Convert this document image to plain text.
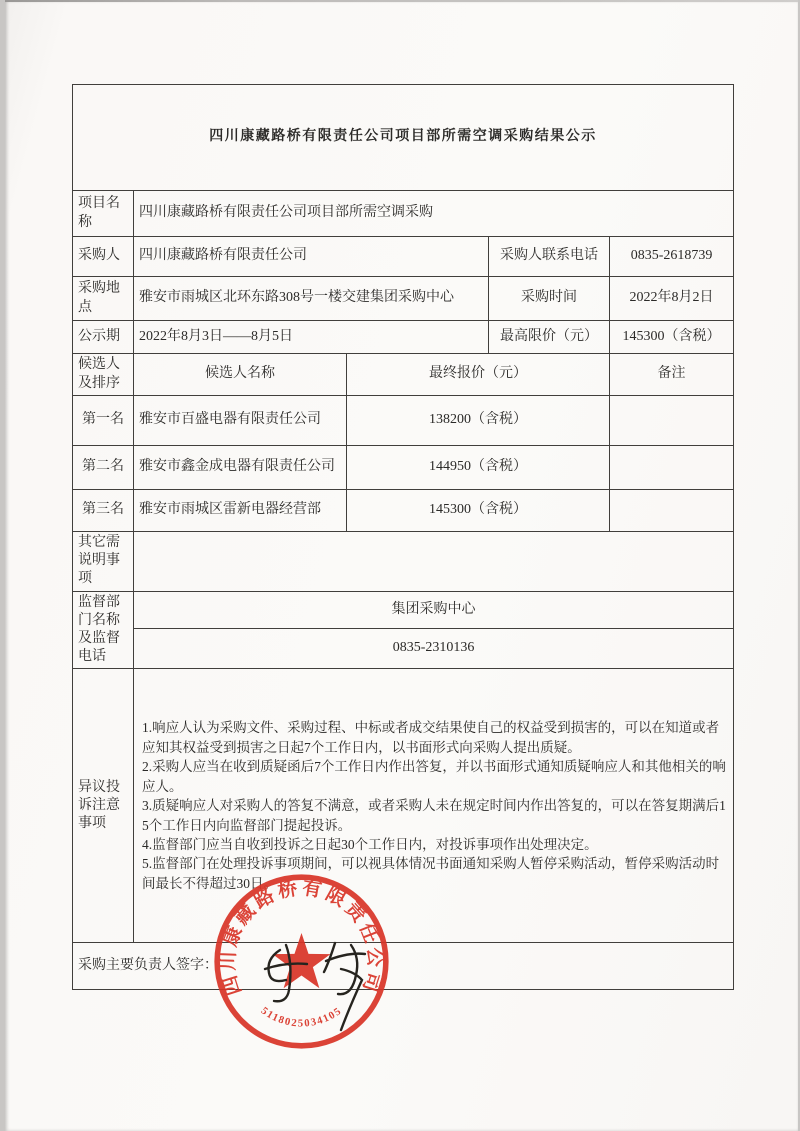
四川康藏路桥有限责任公司项目部所需空调采购结果公示				
项目名称	四川康藏路桥有限责任公司项目部所需空调采购			
采购人	四川康藏路桥有限责任公司		采购人联系电话	0835-2618739
采购地点	雅安市雨城区北环东路308号一楼交建集团采购中心		采购时间	2022年8月2日
公示期	2022年8月3日——8月5日		最高限价（元）	145300（含税）
候选人及排序	候选人名称	最终报价（元）		备注
第一名	雅安市百盛电器有限责任公司	138200（含税）		
第二名	雅安市鑫金成电器有限责任公司	144950（含税）		
第三名	雅安市雨城区雷新电器经营部	145300（含税）		
其它需说明事项				
监督部门名称及监督电话	集团采购中心			
	0835-2310136			
异议投诉注意事项	1.响应人认为采购文件、采购过程、中标或者成交结果使自己的权益受到损害的，可以在知道或者应知其权益受到损害之日起7个工作日内，以书面形式向采购人提出质疑。
2.采购人应当在收到质疑函后7个工作日内作出答复，并以书面形式通知质疑响应人和其他相关的响应人。
3.质疑响应人对采购人的答复不满意，或者采购人未在规定时间内作出答复的，可以在答复期满后15个工作日内向监督部门提起投诉。
4.监督部门应当自收到投诉之日起30个工作日内，对投诉事项作出处理决定。
5.监督部门在处理投诉事项期间，可以视具体情况书面通知采购人暂停采购活动，暂停采购活动时间最长不得超过30日。			

采购主要负责人签字：				
四川康藏路桥有限责任公司
5118025034105
